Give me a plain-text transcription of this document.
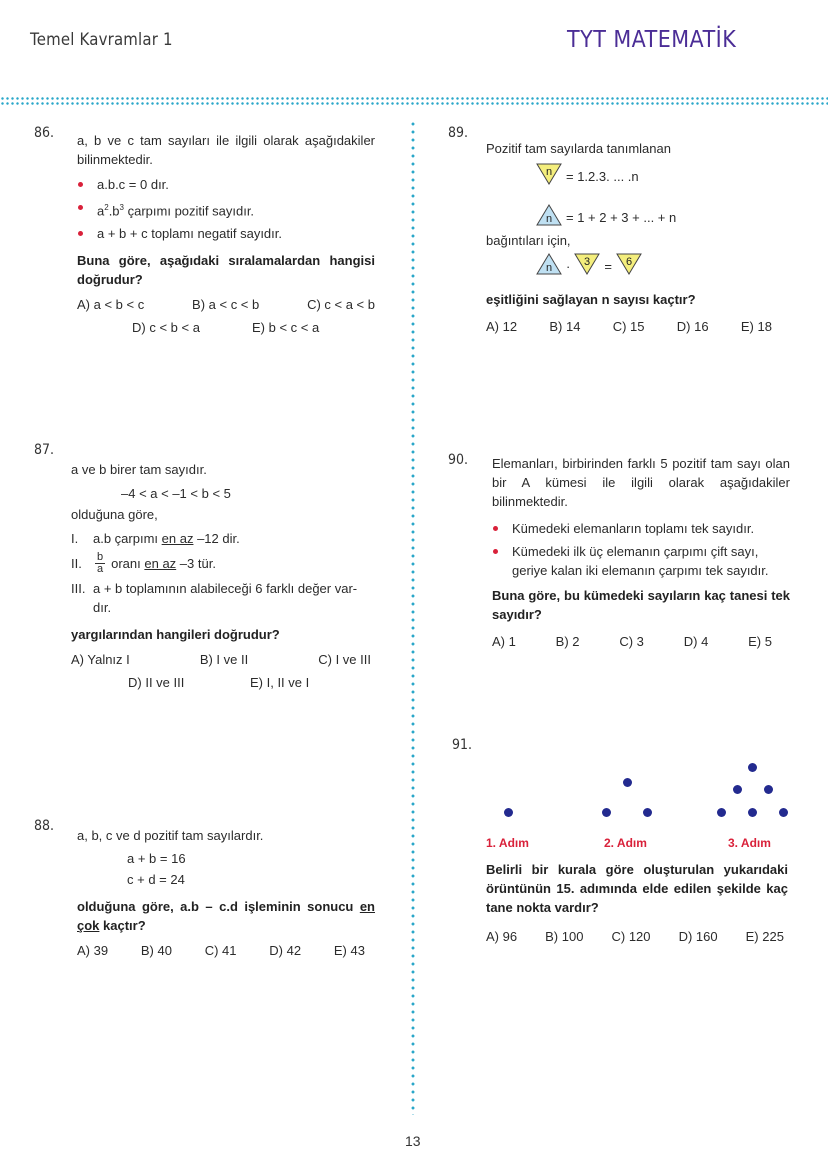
Temel Kavramlar 1	TYT MATEMATİK
86. a, b ve c tam sayıları ile ilgili olarak aşağıdakiler bilinmektedir.

a.b.c = 0 dır.
$a^2.b^3$ çarpımı pozitif sayıdır.
a + b + c toplamı negatif sayıdır.

Buna göre, aşağıdaki sıralamalardan hangisi doğrudur?

A) a < b < c	B) a < c < b	C) c < a < b
D) c < b < a	E) b < c < a
87.

a ve b birer tam sayıdır.

–4 < a < –1 < b < 5

olduğuna göre,

I.	a.b çarpımı en az –12 dir.
II.	$\frac{b}{a}$ oranı en az –3 tür.
III. a + b toplamının alabileceği 6 farklı değer var-dır.

yargılarından hangileri doğrudur?

A) Yalnız I	B) I ve II	C) I ve III
D) II ve III	E) I, II ve I
88.

a, b, c ve d pozitif tam sayılardır.

a + b = 16

c + d = 24

olduğuna göre, a.b – c.d işleminin sonucu en çok kaçtır?

A) 39	B) 40	C) 41	D) 42	E) 43
89.

Pozitif tam sayılarda tanımlanan

n = 1.2.3. ... .n
n = 1 + 2 + 3 + ... + n

bağıntıları için,

n · 3 = 6

eşitliğini sağlayan n sayısı kaçtır?

A) 12 B) 14 C) 15 D) 16 E) 18
90. Elemanları, birbirinden farklı 5 pozitif tam sayı olan bir A kümesi ile ilgili olarak aşağıdakiler bilinmektedir.

Kümedeki elemanların toplamı tek sayıdır.
Kümedeki ilk üç elemanın çarpımı çift sayı, geriye kalan iki elemanın çarpımı tek sayıdır.

Buna göre, bu kümedeki sayıların kaç tanesi tek sayıdır?

A) 1	B) 2	C) 3	D) 4	E) 5
91.
1. Adım	2. Adım	3. Adım

Belirli bir kurala göre oluşturulan yukarıdaki örüntünün 15. adımında elde edilen şekilde kaç tane nokta vardır?

A) 96 B) 100 C) 120 D) 160 E) 225
13
